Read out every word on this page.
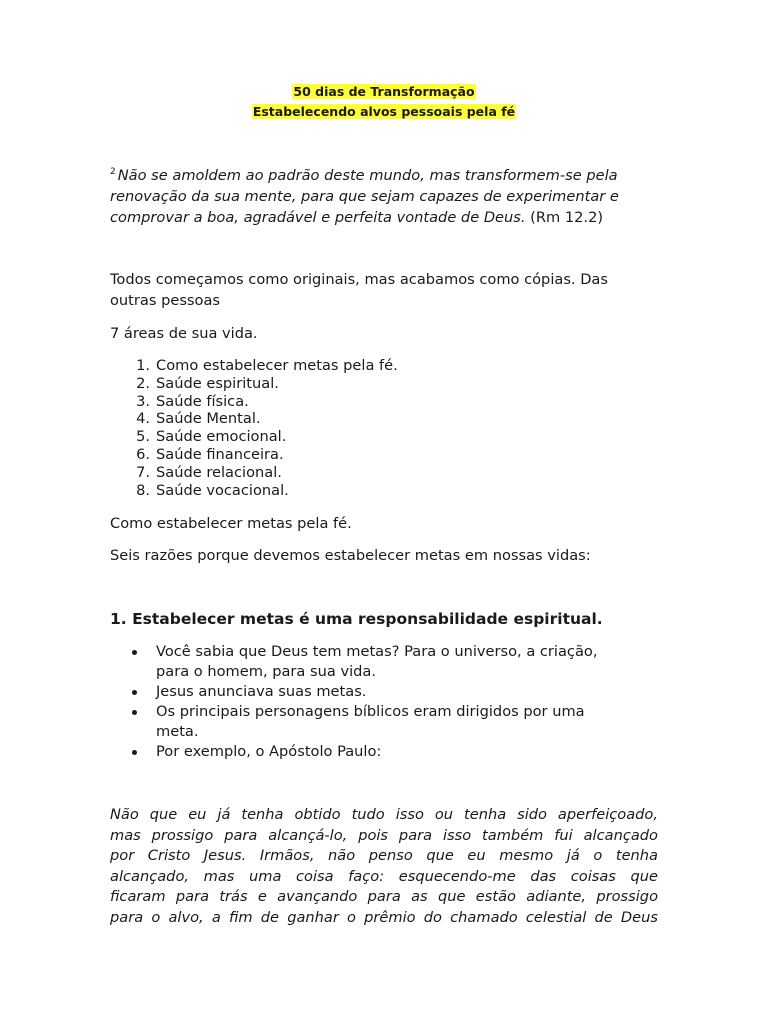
50 dias de Transformação
Estabelecendo alvos pessoais pela fé

$^2$ Não se amoldem ao padrão deste mundo, mas transformem-se pela renovação da sua mente, para que sejam capazes de experimentar e comprovar a boa, agradável e perfeita vontade de Deus. (Rm 12.2)

Todos começamos como originais, mas acabamos como cópias. Das outras pessoas

7 áreas de sua vida.

1. Como estabelecer metas pela fé.
2. Saúde espiritual.
3. Saúde física.
4. Saúde Mental.
5. Saúde emocional.
6. Saúde financeira.
7. Saúde relacional.
8. Saúde vocacional.

Como estabelecer metas pela fé.

Seis razões porque devemos estabelecer metas em nossas vidas:

1. Estabelecer metas é uma responsabilidade espiritual.
Você sabia que Deus tem metas? Para o universo, a criação,
para o homem, para sua vida.
Jesus anunciava suas metas.
Os principais personagens bíblicos eram dirigidos por uma
meta.
Por exemplo, o Apóstolo Paulo:

Não que eu já tenha obtido tudo isso ou tenha sido aperfeiçoado,
mas prossigo para alcançá-lo, pois para isso também fui alcançado
por Cristo Jesus. Irmãos, não penso que eu mesmo já o tenha
alcançado, mas uma coisa faço: esquecendo-me das coisas que
ficaram para trás e avançando para as que estão adiante, prossigo
para o alvo, a fim de ganhar o prêmio do chamado celestial de Deus
